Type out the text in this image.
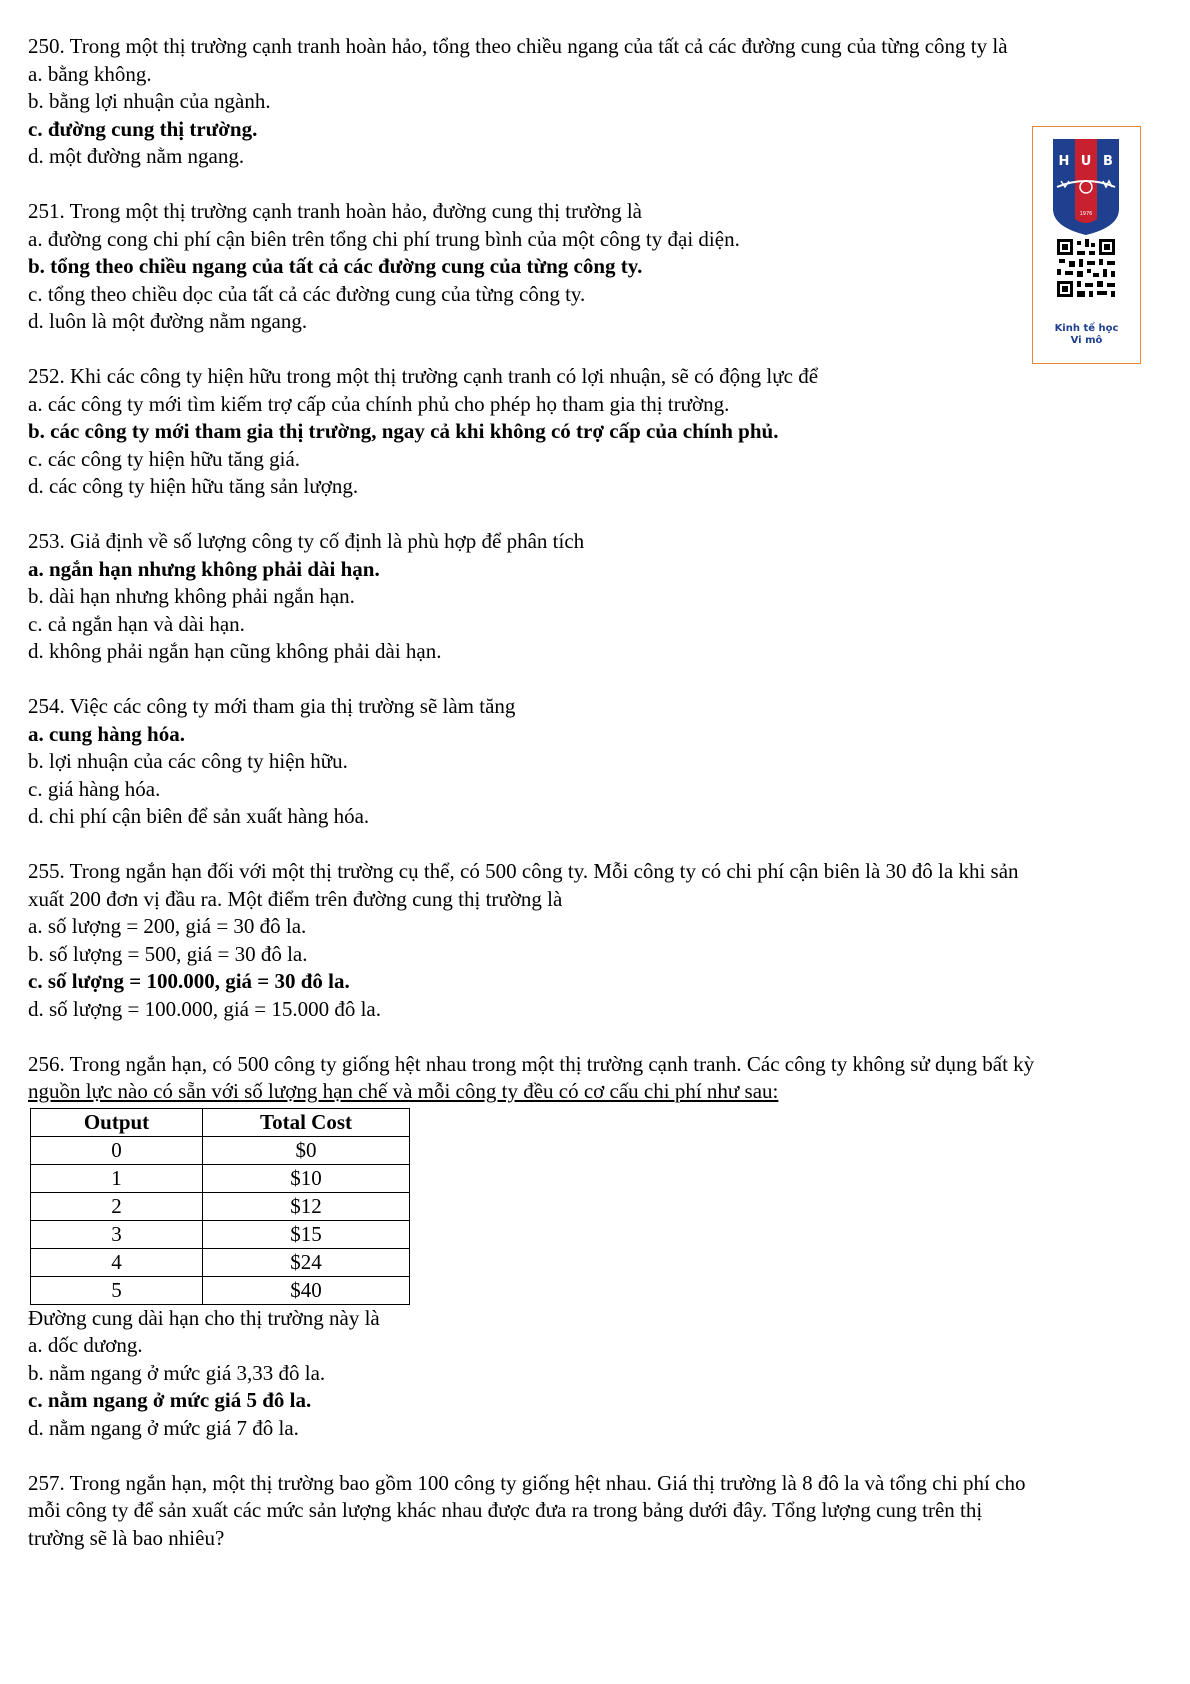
250. Trong một thị trường cạnh tranh hoàn hảo, tổng theo chiều ngang của tất cả các đường cung của từng công ty là
a. bằng không.
b. bằng lợi nhuận của ngành.
c. đường cung thị trường.
d. một đường nằm ngang.
251. Trong một thị trường cạnh tranh hoàn hảo, đường cung thị trường là
a. đường cong chi phí cận biên trên tổng chi phí trung bình của một công ty đại diện.
b. tổng theo chiều ngang của tất cả các đường cung của từng công ty.
c. tổng theo chiều dọc của tất cả các đường cung của từng công ty.
d. luôn là một đường nằm ngang.
252. Khi các công ty hiện hữu trong một thị trường cạnh tranh có lợi nhuận, sẽ có động lực để
a. các công ty mới tìm kiếm trợ cấp của chính phủ cho phép họ tham gia thị trường.
b. các công ty mới tham gia thị trường, ngay cả khi không có trợ cấp của chính phủ.
c. các công ty hiện hữu tăng giá.
d. các công ty hiện hữu tăng sản lượng.
253. Giả định về số lượng công ty cố định là phù hợp để phân tích
a. ngắn hạn nhưng không phải dài hạn.
b. dài hạn nhưng không phải ngắn hạn.
c. cả ngắn hạn và dài hạn.
d. không phải ngắn hạn cũng không phải dài hạn.
254. Việc các công ty mới tham gia thị trường sẽ làm tăng
a. cung hàng hóa.
b. lợi nhuận của các công ty hiện hữu.
c. giá hàng hóa.
d. chi phí cận biên để sản xuất hàng hóa.
255. Trong ngắn hạn đối với một thị trường cụ thể, có 500 công ty. Mỗi công ty có chi phí cận biên là 30 đô la khi sản
xuất 200 đơn vị đầu ra. Một điểm trên đường cung thị trường là
a. số lượng = 200, giá = 30 đô la.
b. số lượng = 500, giá = 30 đô la.
c. số lượng = 100.000, giá = 30 đô la.
d. số lượng = 100.000, giá = 15.000 đô la.
256. Trong ngắn hạn, có 500 công ty giống hệt nhau trong một thị trường cạnh tranh. Các công ty không sử dụng bất kỳ
nguồn lực nào có sẵn với số lượng hạn chế và mỗi công ty đều có cơ cấu chi phí như sau:
Output	Total Cost
0	$0
1	$10
2	$12
3	$15
4	$24
5	$40
Đường cung dài hạn cho thị trường này là
a. dốc dương.
b. nằm ngang ở mức giá 3,33 đô la.
c. nằm ngang ở mức giá 5 đô la.
d. nằm ngang ở mức giá 7 đô la.
257. Trong ngắn hạn, một thị trường bao gồm 100 công ty giống hệt nhau. Giá thị trường là 8 đô la và tổng chi phí cho
mỗi công ty để sản xuất các mức sản lượng khác nhau được đưa ra trong bảng dưới đây. Tổng lượng cung trên thị
trường sẽ là bao nhiêu?
H U B
1976
Kinh tế học
Vi mô
